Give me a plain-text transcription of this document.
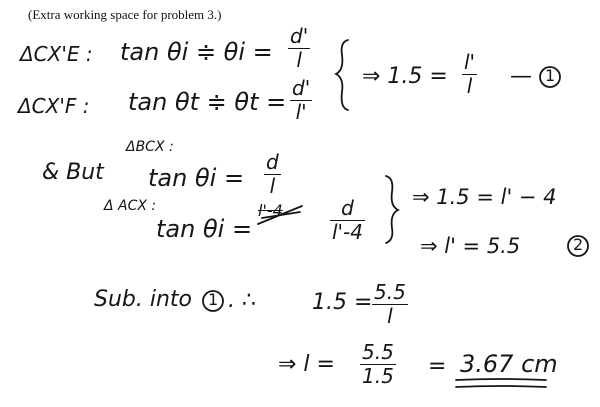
(Extra working space for problem 3.)
ΔCX'E : tan θi ≑ θi =
d'
l
ΔCX'F : tan θt ≑ θt = d'
l'
⇒ 1.5 =
l'
l — 1
ΔBCX :
& But tan θi =
d
l
Δ ACX :
tan θi =
l'-4	d
l'-4
⇒ 1.5 = l' − 4
⇒ l' = 5.5	2
Sub. into 1 . ∴	1.5 = 5.5
l
⇒ l = 5.5
1.5 = 3.67 cm
